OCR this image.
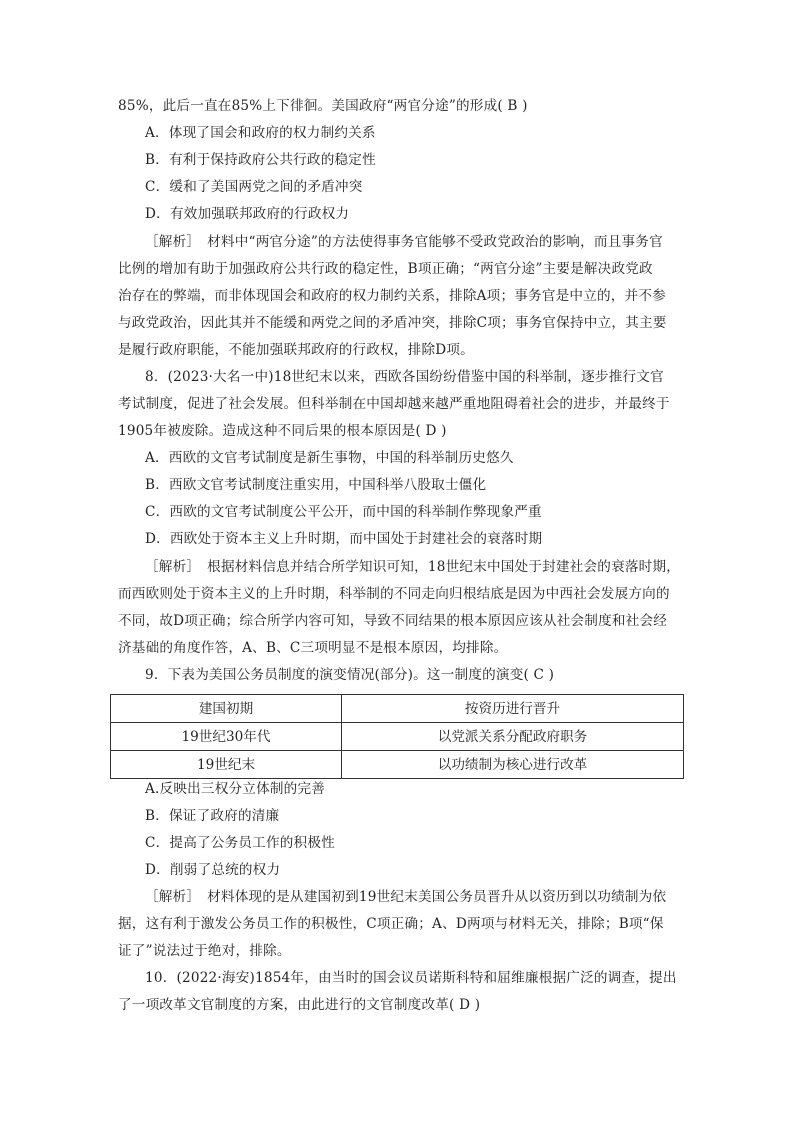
85%，此后一直在85%上下徘徊。美国政府“两官分途”的形成( B )
A．体现了国会和政府的权力制约关系
B．有利于保持政府公共行政的稳定性
C．缓和了美国两党之间的矛盾冲突
D．有效加强联邦政府的行政权力
［解析］　材料中“两官分途”的方法使得事务官能够不受政党政治的影响，而且事务官
比例的增加有助于加强政府公共行政的稳定性，B项正确；“两官分途”主要是解决政党政
治存在的弊端，而非体现国会和政府的权力制约关系，排除A项；事务官是中立的，并不参
与政党政治，因此其并不能缓和两党之间的矛盾冲突，排除C项；事务官保持中立，其主要
是履行政府职能，不能加强联邦政府的行政权，排除D项。
8．(2023·大名一中)18世纪末以来，西欧各国纷纷借鉴中国的科举制，逐步推行文官
考试制度，促进了社会发展。但科举制在中国却越来越严重地阻碍着社会的进步，并最终于
1905年被废除。造成这种不同后果的根本原因是( D )
A．西欧的文官考试制度是新生事物，中国的科举制历史悠久
B．西欧文官考试制度注重实用，中国科举八股取士僵化
C．西欧的文官考试制度公平公开，而中国的科举制作弊现象严重
D．西欧处于资本主义上升时期，而中国处于封建社会的衰落时期
［解析］　根据材料信息并结合所学知识可知，18世纪末中国处于封建社会的衰落时期，
而西欧则处于资本主义的上升时期，科举制的不同走向归根结底是因为中西社会发展方向的
不同，故D项正确；综合所学内容可知，导致不同结果的根本原因应该从社会制度和社会经
济基础的角度作答，A、B、C三项明显不是根本原因，均排除。
9．下表为美国公务员制度的演变情况(部分)。这一制度的演变( C )
建国初期	按资历进行晋升
19世纪30年代	以党派关系分配政府职务
19世纪末	以功绩制为核心进行改革
A.反映出三权分立体制的完善
B．保证了政府的清廉
C．提高了公务员工作的积极性
D．削弱了总统的权力
［解析］　材料体现的是从建国初到19世纪末美国公务员晋升从以资历到以功绩制为依
据，这有利于激发公务员工作的积极性，C项正确；A、D两项与材料无关，排除；B项“保
证了”说法过于绝对，排除。
10．(2022·海安)1854年，由当时的国会议员诺斯科特和屈维廉根据广泛的调查，提出
了一项改革文官制度的方案，由此进行的文官制度改革( D )
